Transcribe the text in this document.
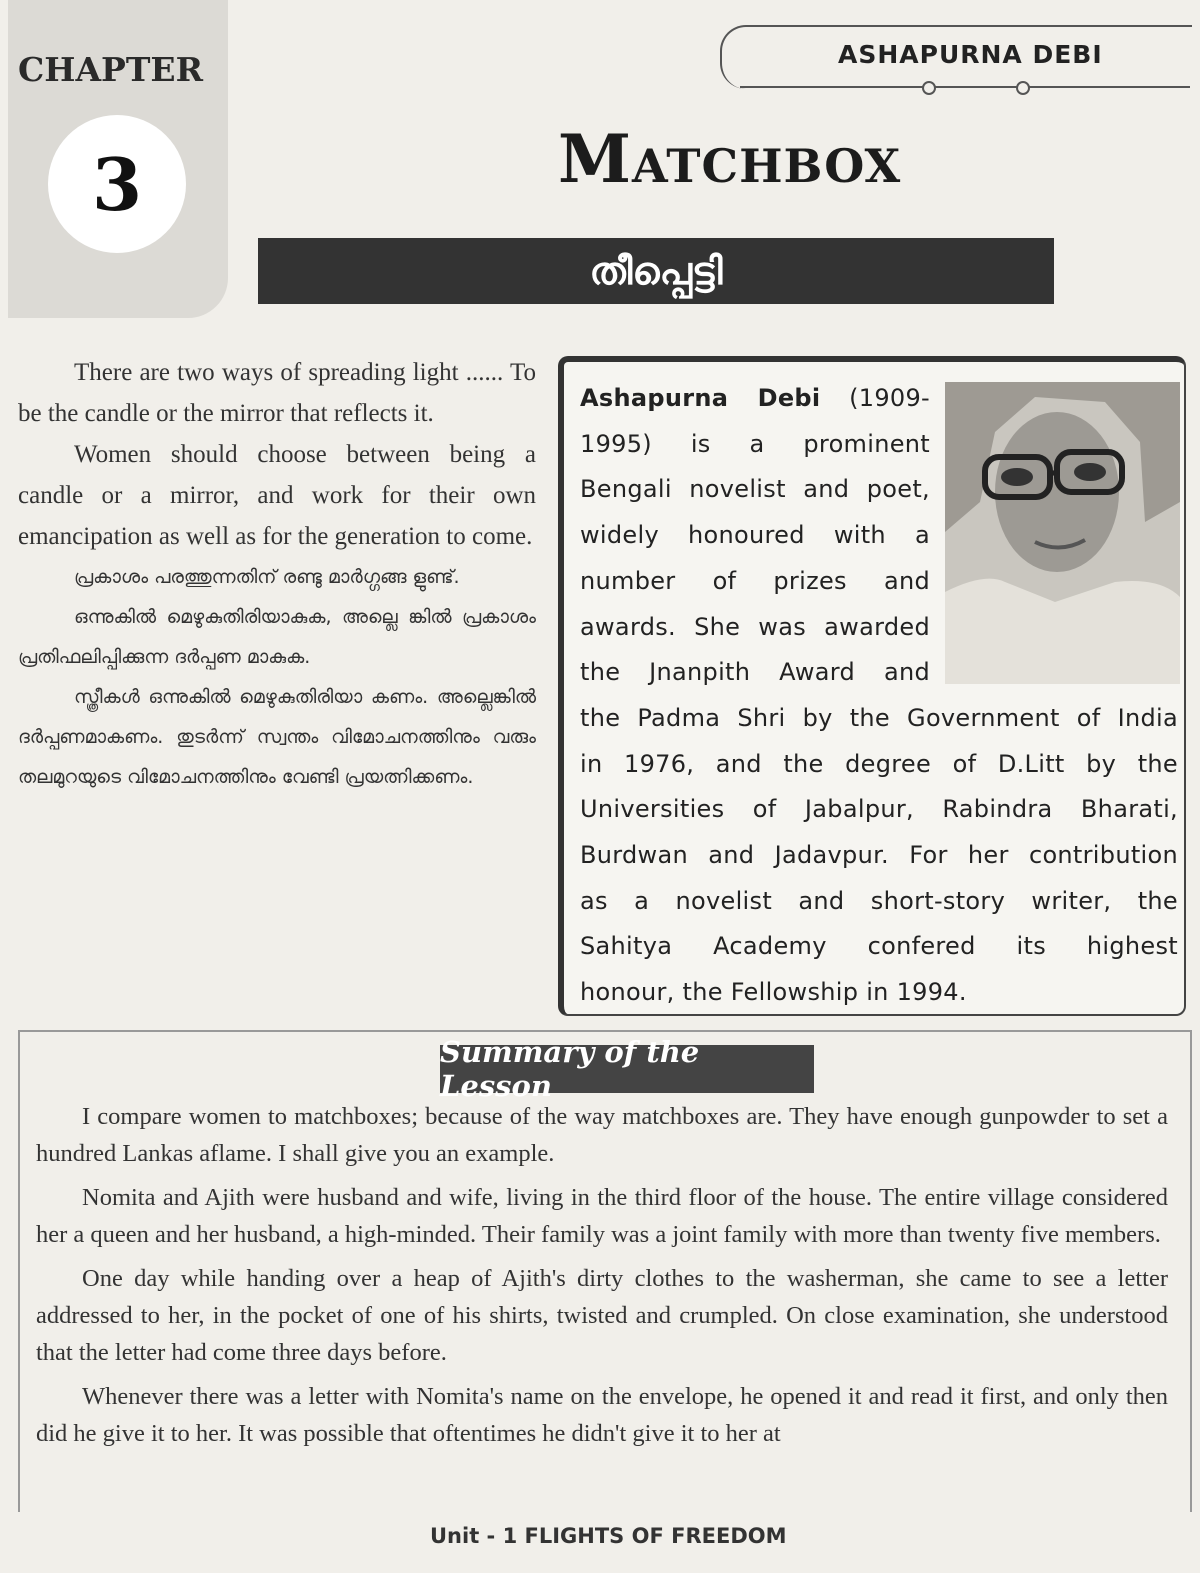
CHAPTER
3
ASHAPURNA DEBI
Matchbox
തീപ്പെട്ടി

There are two ways of spreading light ...... To be the candle or the mirror that reflects it.

Women should choose between being a candle or a mirror, and work for their own emancipation as well as for the generation to come.

പ്രകാശം പരത്തുന്നതിന് രണ്ടു മാർഗ്ഗങ്ങ ളുണ്ട്.

ഒന്നുകിൽ മെഴുകുതിരിയാകുക, അല്ലെ ങ്കിൽ പ്രകാശം പ്രതിഫലിപ്പിക്കുന്ന ദർപ്പണ മാകുക.

സ്ത്രീകൾ ഒന്നുകിൽ മെഴുകുതിരിയാ കണം. അല്ലെങ്കിൽ ദർപ്പണമാകണം. തുടർന്ന് സ്വന്തം വിമോചനത്തിനും വരും തലമുറയുടെ വിമോചനത്തിനും വേണ്ടി പ്രയത്നിക്കണം.

Ashapurna Debi (1909-
1995) is a prominent
Bengali novelist and poet,
widely honoured with a
number of prizes and
awards. She was awarded
the Jnanpith Award and
the Padma Shri by the Government of India
in 1976, and the degree of D.Litt by the
Universities of Jabalpur, Rabindra Bharati,
Burdwan and Jadavpur. For her contribution
as a novelist and short-story writer, the
Sahitya Academy confered its highest
honour, the Fellowship in 1994.
Summary of the Lesson

I compare women to matchboxes; because of the way matchboxes are. They have enough gunpowder to set a hundred Lankas aflame. I shall give you an example.

Nomita and Ajith were husband and wife, living in the third floor of the house. The entire village considered her a queen and her husband, a high-minded. Their family was a joint family with more than twenty five members.

One day while handing over a heap of Ajith's dirty clothes to the washerman, she came to see a letter addressed to her, in the pocket of one of his shirts, twisted and crumpled. On close examination, she understood that the letter had come three days before.

Whenever there was a letter with Nomita's name on the envelope, he opened it and read it first, and only then did he give it to her. It was possible that oftentimes he didn't give it to her at

Unit - 1 FLIGHTS OF FREEDOM
